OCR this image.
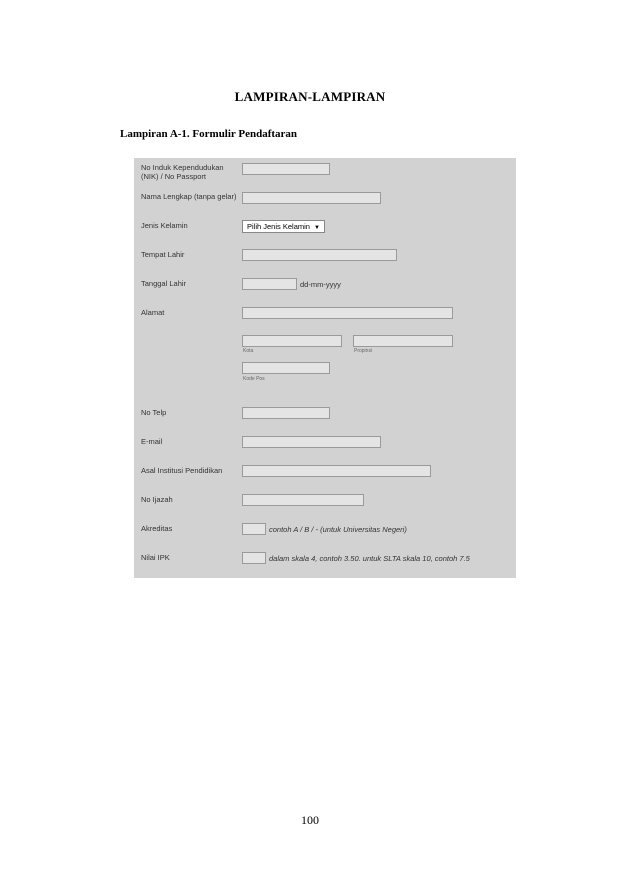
LAMPIRAN-LAMPIRAN
Lampiran A-1. Formulir Pendaftaran
No Induk Kependudukan (NIK) / No Passport
Nama Lengkap (tanpa gelar)
Jenis Kelamin	Pilih Jenis Kelamin ▼
Tempat Lahir
Tanggal Lahir	dd-mm-yyyy
Alamat
Kota	Propinsi
Kode Pos
No Telp
E-mail
Asal Institusi Pendidikan
No Ijazah
Akreditas	contoh A / B / - (untuk Universitas Negeri)
Nilai IPK	dalam skala 4, contoh 3.50. untuk SLTA skala 10, contoh 7.5
100
